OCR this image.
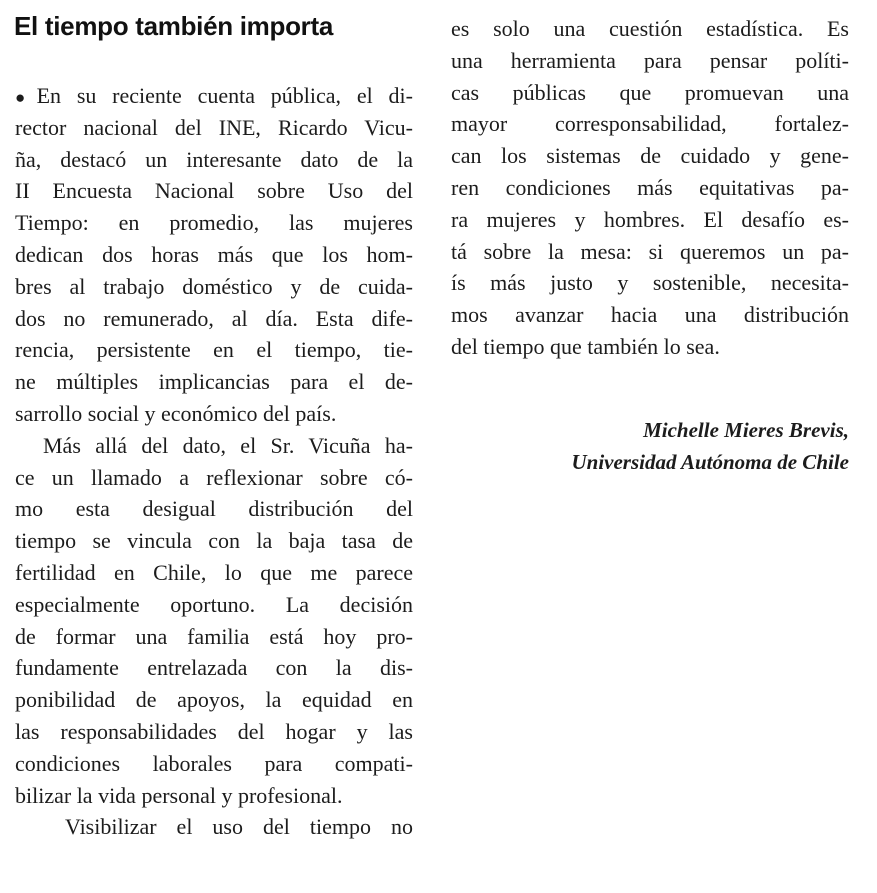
El tiempo también importa
●En su reciente cuenta pública, el di-
rector nacional del INE, Ricardo Vicu-
ña, destacó un interesante dato de la
II Encuesta Nacional sobre Uso del
Tiempo: en promedio, las mujeres
dedican dos horas más que los hom-
bres al trabajo doméstico y de cuida-
dos no remunerado, al día. Esta dife-
rencia, persistente en el tiempo, tie-
ne múltiples implicancias para el de-
sarrollo social y económico del país.
Más allá del dato, el Sr. Vicuña ha-
ce un llamado a reflexionar sobre có-
mo esta desigual distribución del
tiempo se vincula con la baja tasa de
fertilidad en Chile, lo que me parece
especialmente oportuno. La decisión
de formar una familia está hoy pro-
fundamente entrelazada con la dis-
ponibilidad de apoyos, la equidad en
las responsabilidades del hogar y las
condiciones laborales para compati-
bilizar la vida personal y profesional.
Visibilizar el uso del tiempo no
es solo una cuestión estadística. Es
una herramienta para pensar políti-
cas públicas que promuevan una
mayor corresponsabilidad, fortalez-
can los sistemas de cuidado y gene-
ren condiciones más equitativas pa-
ra mujeres y hombres. El desafío es-
tá sobre la mesa: si queremos un pa-
ís más justo y sostenible, necesita-
mos avanzar hacia una distribución
del tiempo que también lo sea.
Michelle Mieres Brevis,
Universidad Autónoma de Chile
